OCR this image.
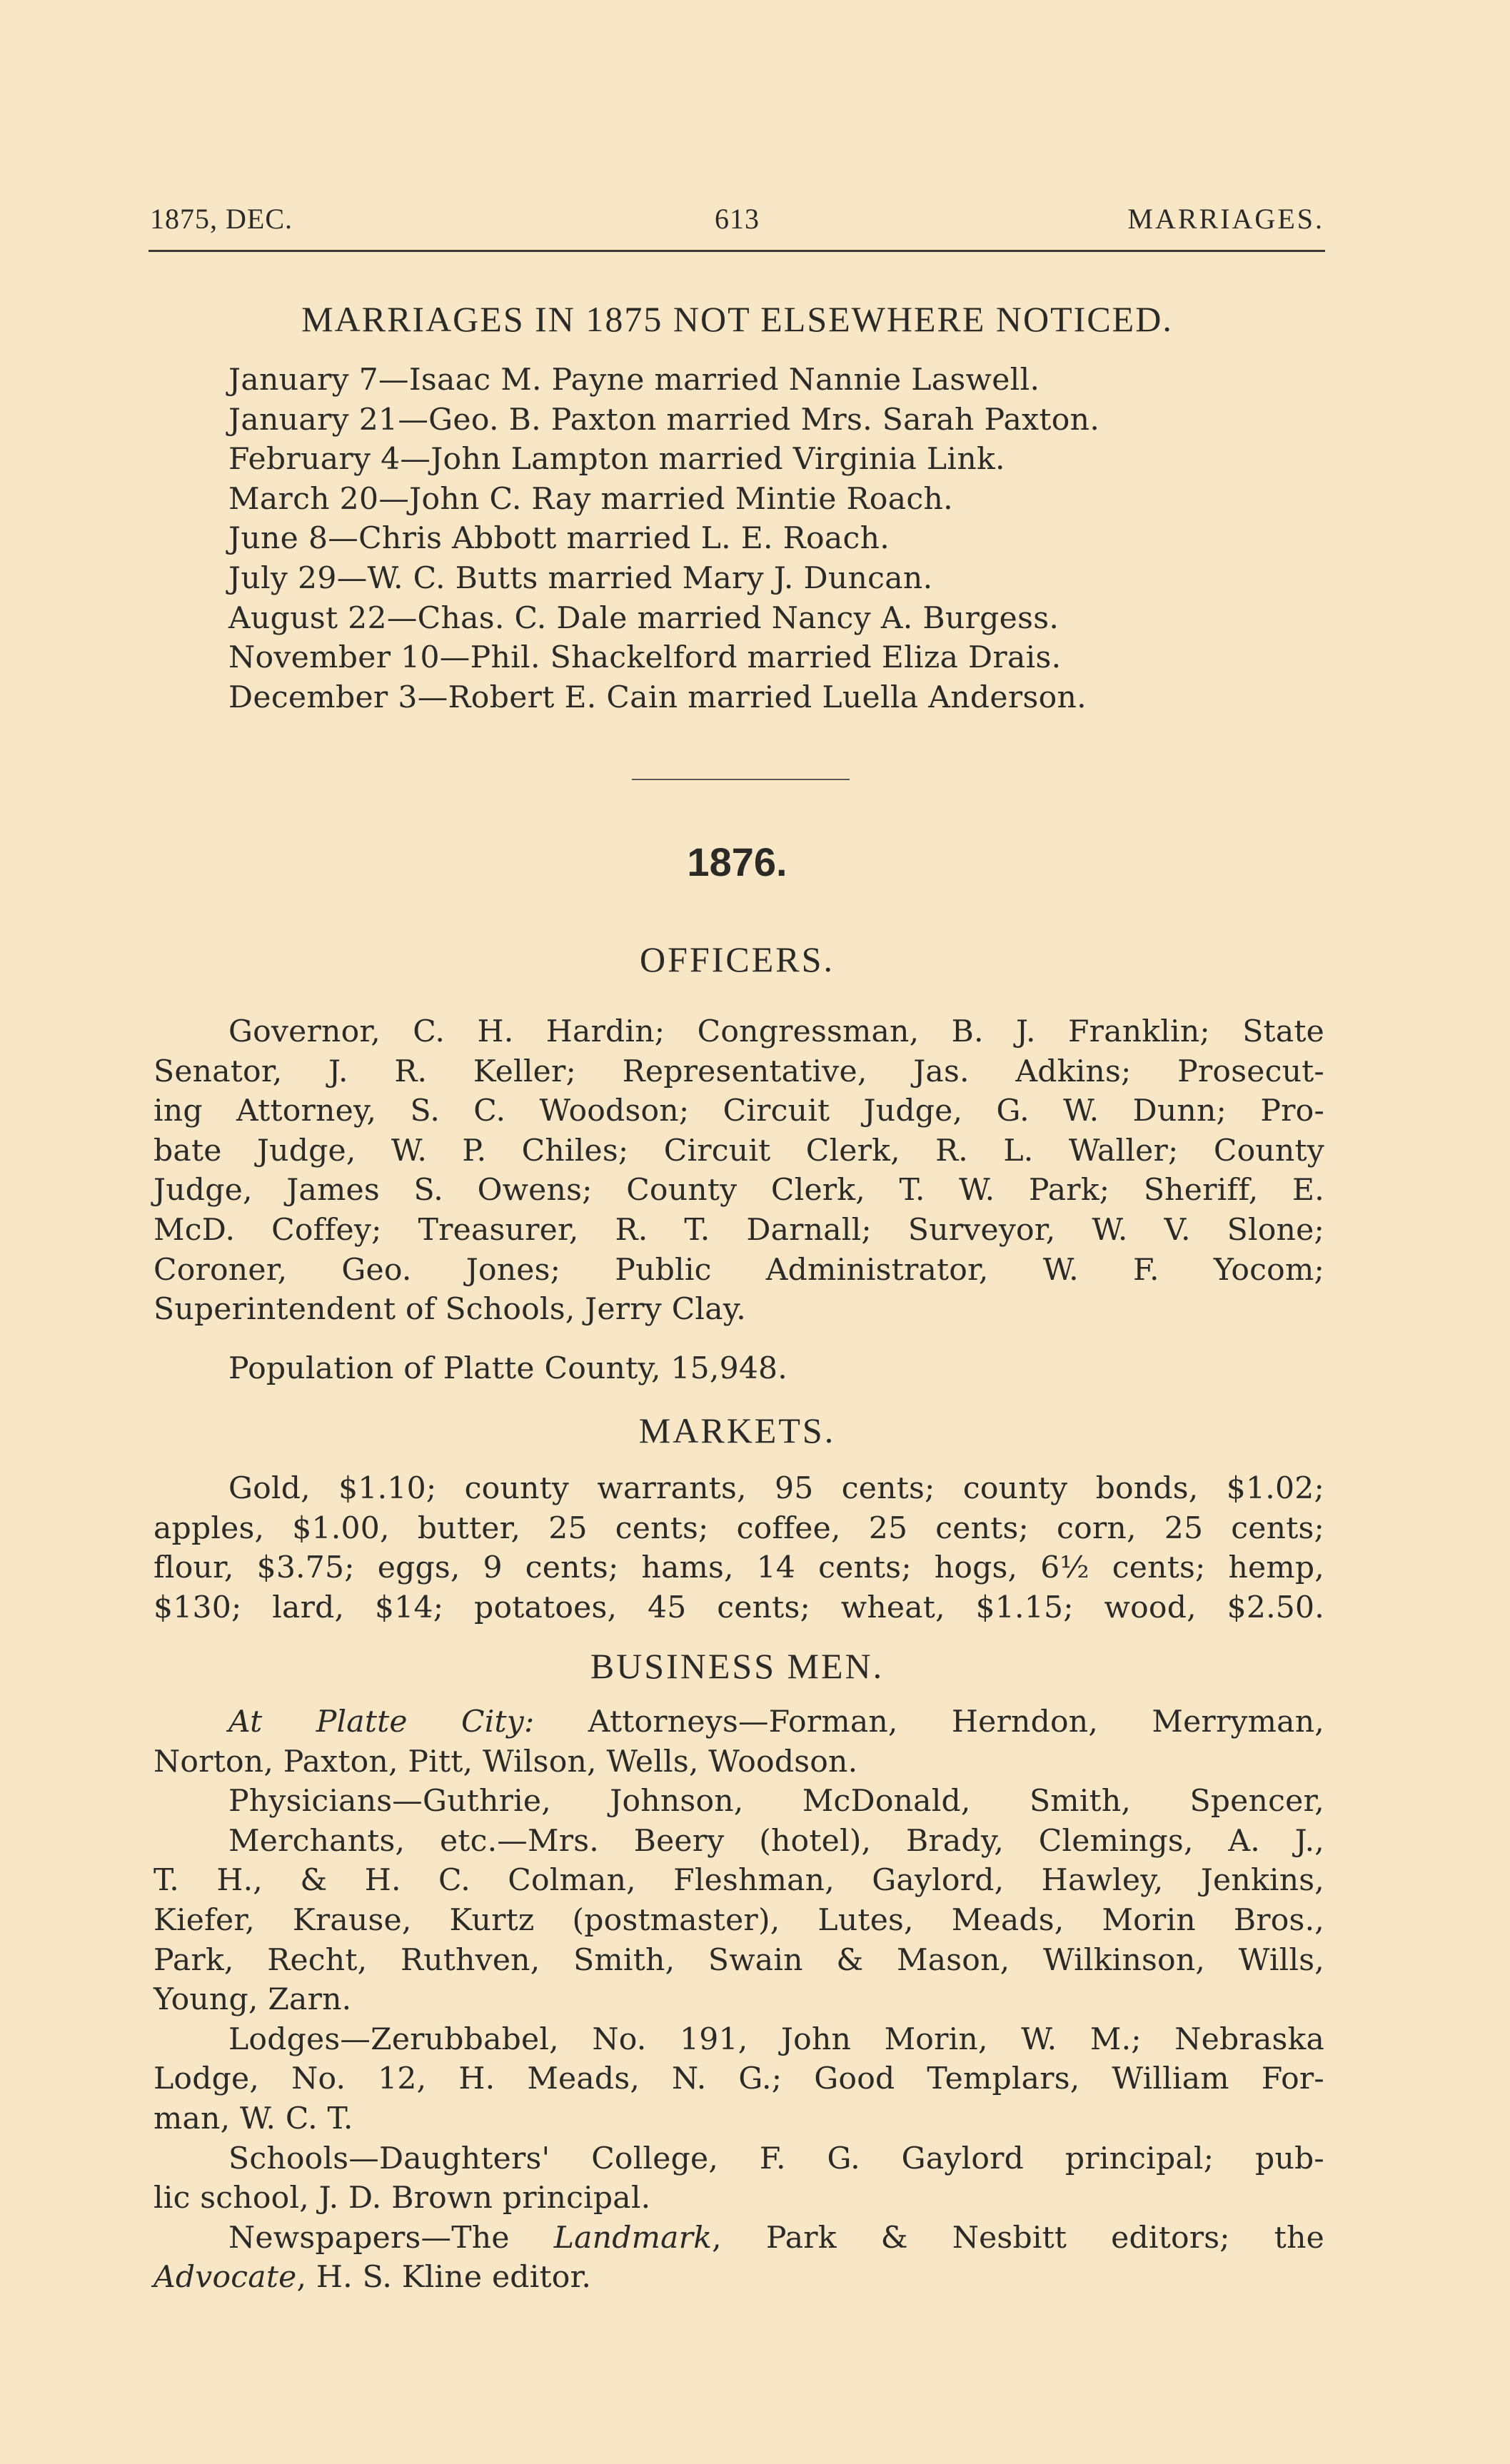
1875, DEC.	613	MARRIAGES.
MARRIAGES IN 1875 NOT ELSEWHERE NOTICED.
January 7—Isaac M. Payne married Nannie Laswell.
January 21—Geo. B. Paxton married Mrs. Sarah Paxton.
February 4—John Lampton married Virginia Link.
March 20—John C. Ray married Mintie Roach.
June 8—Chris Abbott married L. E. Roach.
July 29—W. C. Butts married Mary J. Duncan.
August 22—Chas. C. Dale married Nancy A. Burgess.
November 10—Phil. Shackelford married Eliza Drais.
December 3—Robert E. Cain married Luella Anderson.
1876.
OFFICERS.
Governor, C. H. Hardin; Congressman, B. J. Franklin; State
Senator, J. R. Keller; Representative, Jas. Adkins; Prosecut-
ing Attorney, S. C. Woodson; Circuit Judge, G. W. Dunn; Pro-
bate Judge, W. P. Chiles; Circuit Clerk, R. L. Waller; County
Judge, James S. Owens; County Clerk, T. W. Park; Sheriff, E.
McD. Coffey; Treasurer, R. T. Darnall; Surveyor, W. V. Slone;
Coroner, Geo. Jones; Public Administrator, W. F. Yocom;
Superintendent of Schools, Jerry Clay.
Population of Platte County, 15,948.
MARKETS.
Gold, $1.10; county warrants, 95 cents; county bonds, $1.02;
apples, $1.00, butter, 25 cents; coffee, 25 cents; corn, 25 cents;
flour, $3.75; eggs, 9 cents; hams, 14 cents; hogs, 6½ cents; hemp,
$130; lard, $14; potatoes, 45 cents; wheat, $1.15; wood, $2.50.
BUSINESS MEN.
At Platte City: Attorneys—Forman, Herndon, Merryman,
Norton, Paxton, Pitt, Wilson, Wells, Woodson.
Physicians—Guthrie, Johnson, McDonald, Smith, Spencer,
Merchants, etc.—Mrs. Beery (hotel), Brady, Clemings, A. J.,
T. H., & H. C. Colman, Fleshman, Gaylord, Hawley, Jenkins,
Kiefer, Krause, Kurtz (postmaster), Lutes, Meads, Morin Bros.,
Park, Recht, Ruthven, Smith, Swain & Mason, Wilkinson, Wills,
Young, Zarn.
Lodges—Zerubbabel, No. 191, John Morin, W. M.; Nebraska
Lodge, No. 12, H. Meads, N. G.; Good Templars, William For-
man, W. C. T.
Schools—Daughters' College, F. G. Gaylord principal; pub-
lic school, J. D. Brown principal.
Newspapers—The Landmark, Park & Nesbitt editors; the
Advocate, H. S. Kline editor.
